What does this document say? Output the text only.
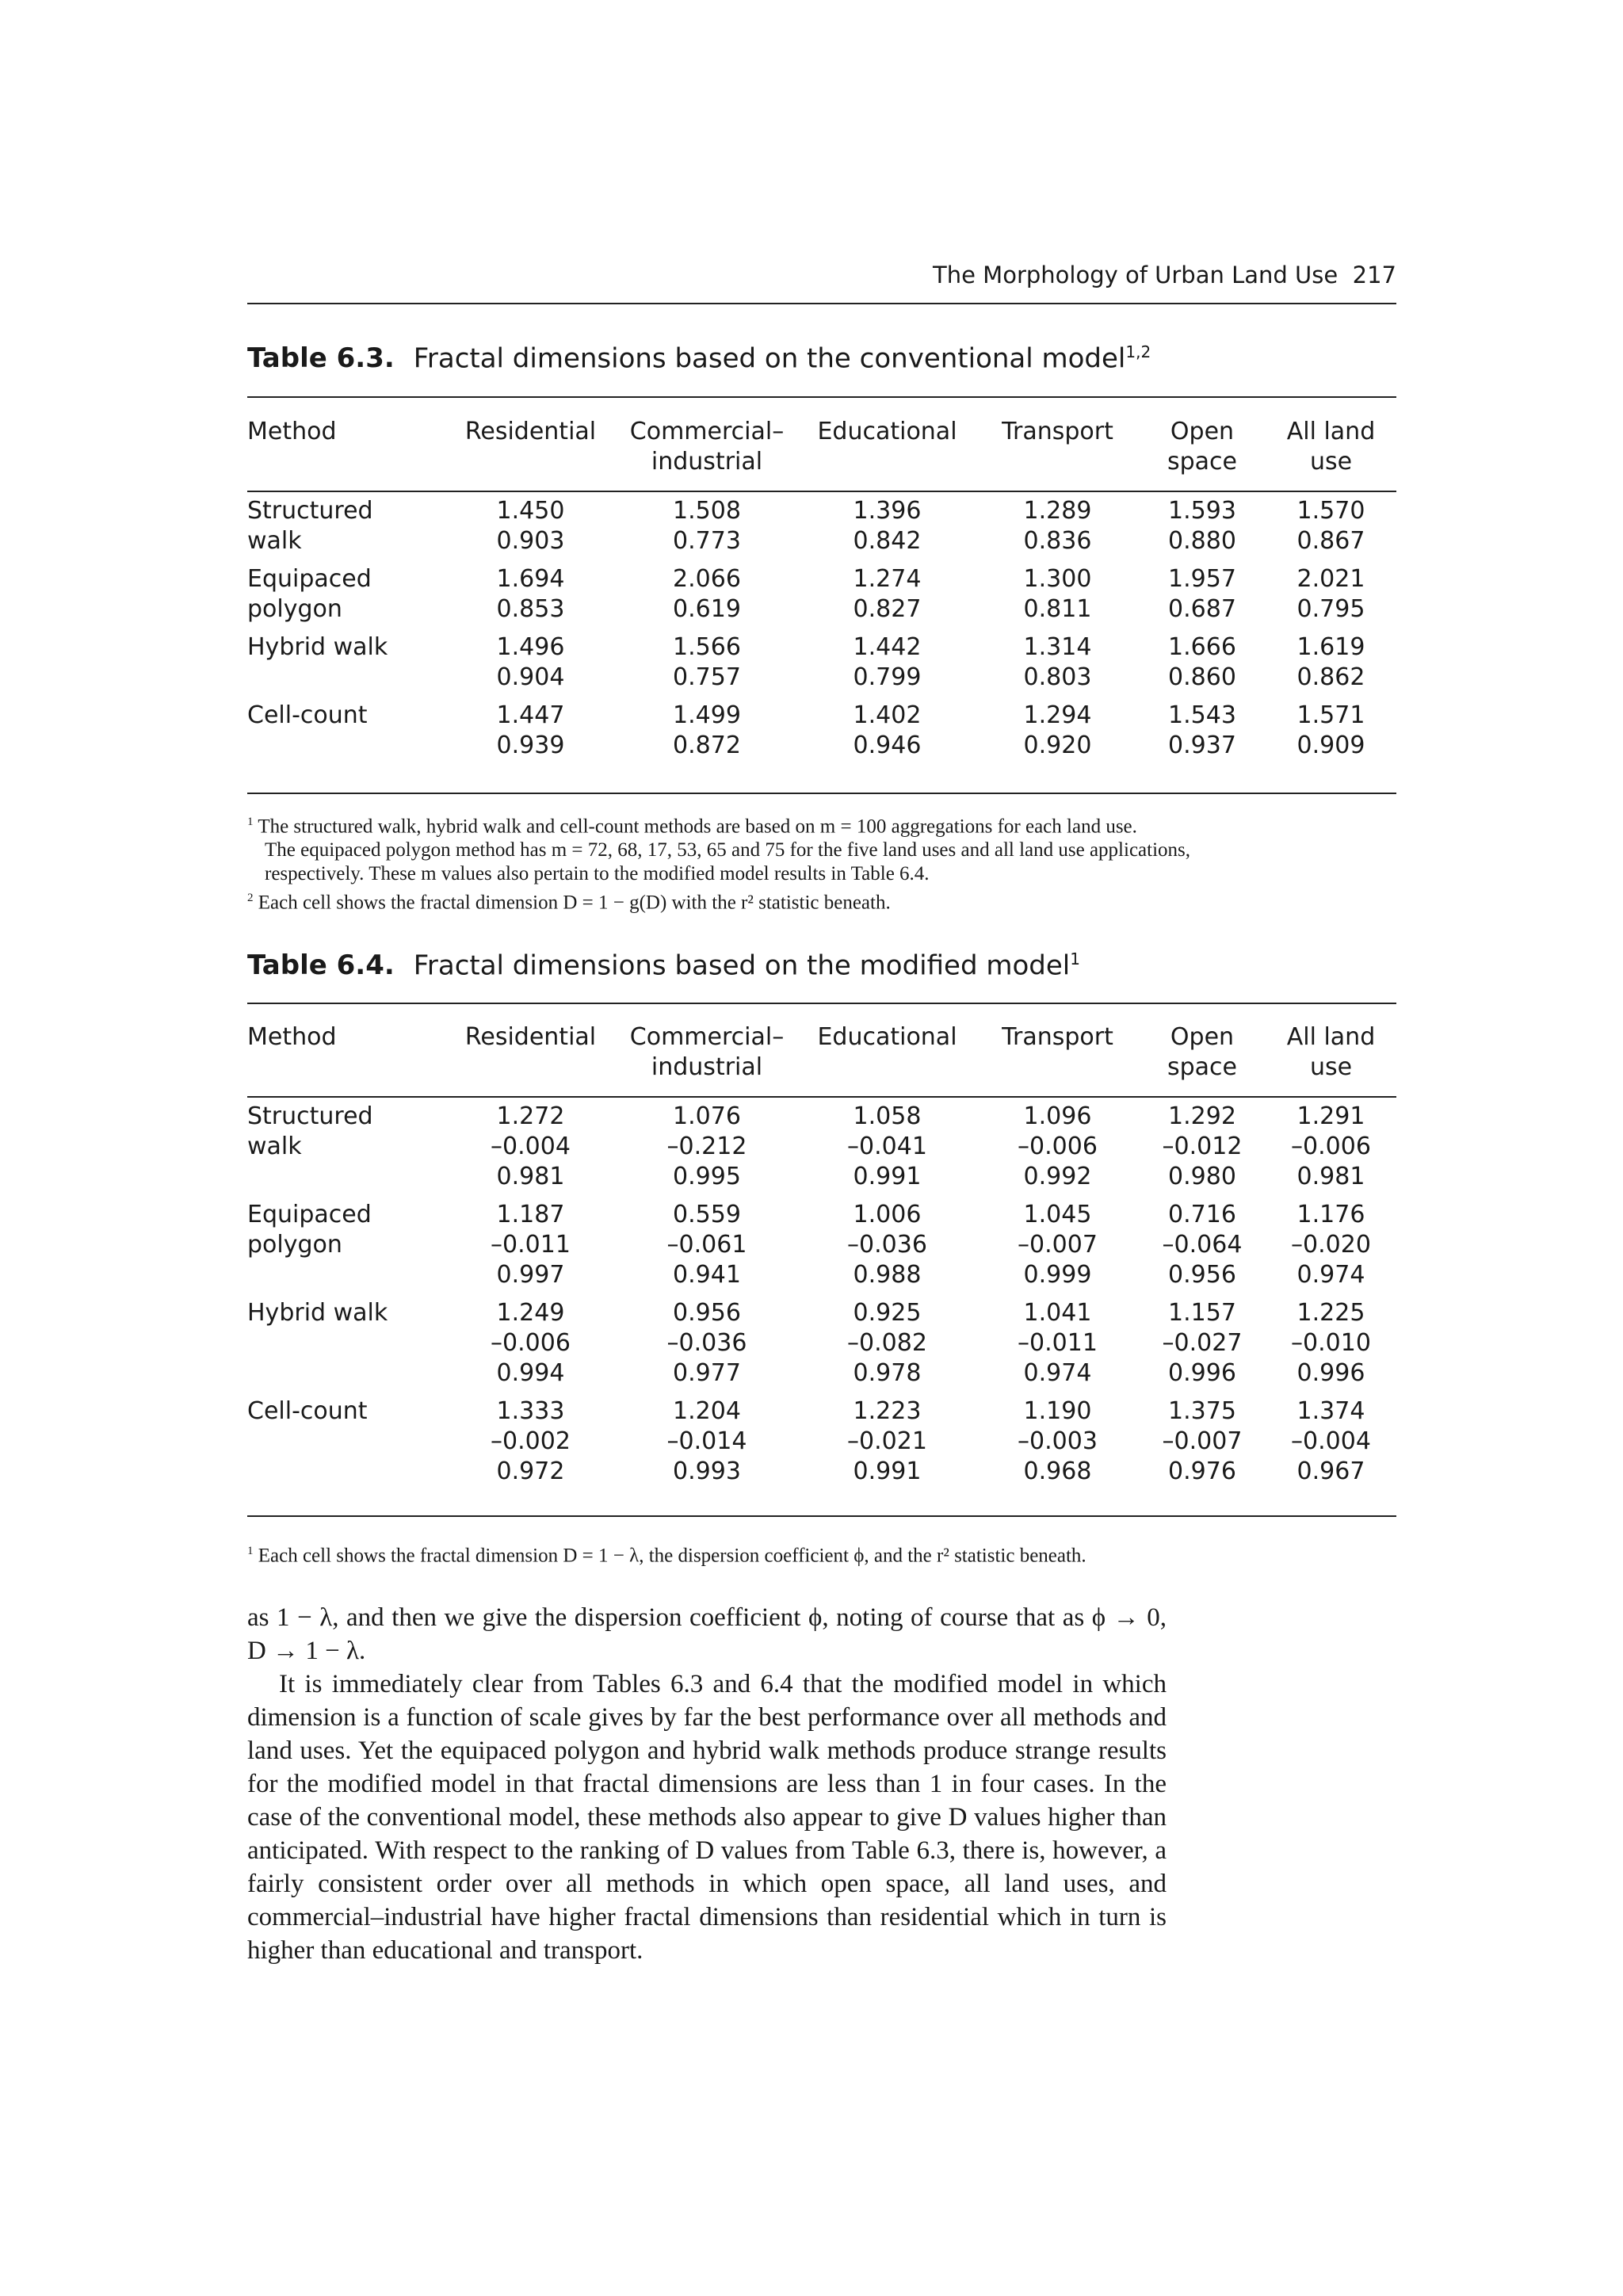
The Morphology of Urban Land Use 217
Table 6.3. Fractal dimensions based on the conventional model$^{1,2}$
Method	Residential	Commercial–	Educational	Transport	Open	All land
		industrial			space	use

Structured	1.450	1.508	1.396	1.289	1.593	1.570
walk	0.903	0.773	0.842	0.836	0.880	0.867

Equipaced	1.694	2.066	1.274	1.300	1.957	2.021
polygon	0.853	0.619	0.827	0.811	0.687	0.795

Hybrid walk	1.496	1.566	1.442	1.314	1.666	1.619
	0.904	0.757	0.799	0.803	0.860	0.862

Cell-count	1.447	1.499	1.402	1.294	1.543	1.571
	0.939	0.872	0.946	0.920	0.937	0.909

$^1$ The structured walk, hybrid walk and cell-count methods are based on m = 100 aggregations for each land use.

The equipaced polygon method has m = 72, 68, 17, 53, 65 and 75 for the five land uses and all land use applications,

respectively. These m values also pertain to the modified model results in Table 6.4.

$^2$ Each cell shows the fractal dimension D = 1 − g(D) with the r² statistic beneath.

Table 6.4. Fractal dimensions based on the modified model$^1$
Method	Residential	Commercial–	Educational	Transport	Open	All land
		industrial			space	use

Structured	1.272	1.076	1.058	1.096	1.292	1.291
walk	–0.004	–0.212	–0.041	–0.006	–0.012	–0.006
	0.981	0.995	0.991	0.992	0.980	0.981

Equipaced	1.187	0.559	1.006	1.045	0.716	1.176
polygon	–0.011	–0.061	–0.036	–0.007	–0.064	–0.020
	0.997	0.941	0.988	0.999	0.956	0.974

Hybrid walk	1.249	0.956	0.925	1.041	1.157	1.225
	–0.006	–0.036	–0.082	–0.011	–0.027	–0.010
	0.994	0.977	0.978	0.974	0.996	0.996

Cell-count	1.333	1.204	1.223	1.190	1.375	1.374
	–0.002	–0.014	–0.021	–0.003	–0.007	–0.004
	0.972	0.993	0.991	0.968	0.976	0.967

$^1$ Each cell shows the fractal dimension D = 1 − λ, the dispersion coefficient ϕ, and the r² statistic beneath.

as 1 − λ, and then we give the dispersion coefficient ϕ, noting of course that as ϕ → 0, D → 1 − λ.

It is immediately clear from Tables 6.3 and 6.4 that the modified model in which dimension is a function of scale gives by far the best performance over all methods and land uses. Yet the equipaced polygon and hybrid walk methods produce strange results for the modified model in that fractal dimensions are less than 1 in four cases. In the case of the conventional model, these methods also appear to give D values higher than anticipated. With respect to the ranking of D values from Table 6.3, there is, however, a fairly consistent order over all methods in which open space, all land uses, and commercial–industrial have higher fractal dimensions than residential which in turn is higher than educational and transport.
